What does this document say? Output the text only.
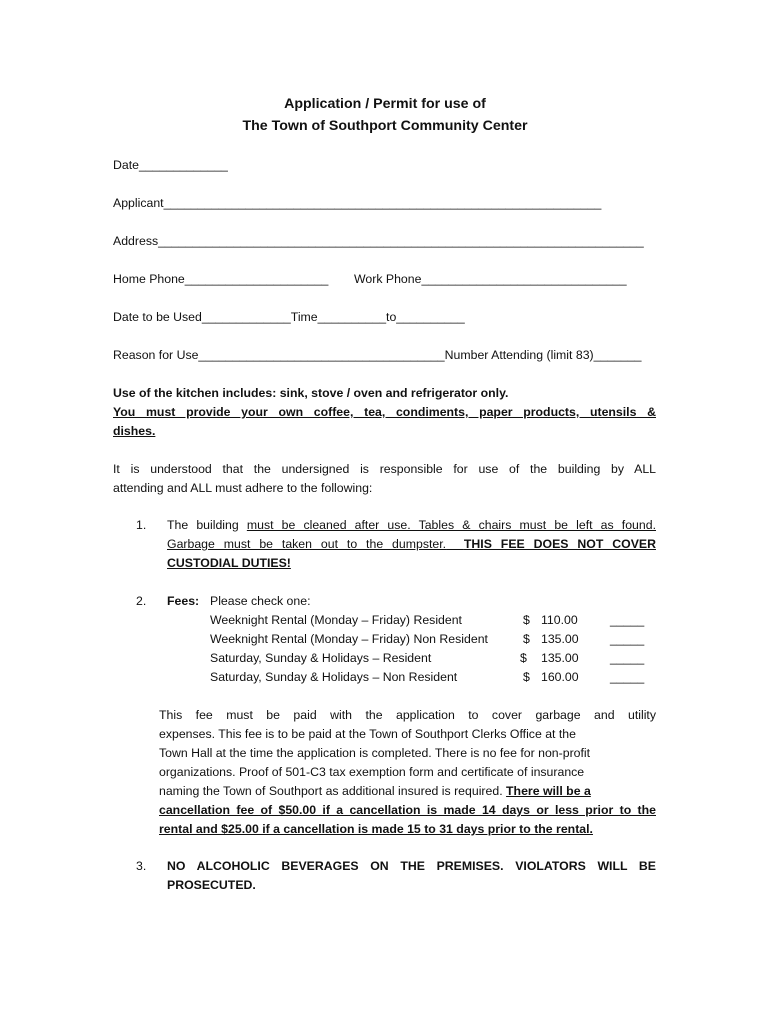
Application / Permit for use of
The Town of Southport Community Center
Date_____________
Applicant________________________________________________________________
Address_______________________________________________________________________
Home Phone_____________________ Work Phone______________________________
Date to be Used_____________Time__________to__________
Reason for Use____________________________________Number Attending (limit 83)_______
Use of the kitchen includes: sink, stove / oven and refrigerator only.
You must provide your own coffee, tea, condiments, paper products, utensils &
dishes.
It is understood that the undersigned is responsible for use of the building by ALL
attending and ALL must adhere to the following:
1. The building must be cleaned after use. Tables & chairs must be left as found.
Garbage must be taken out to the dumpster. THIS FEE DOES NOT COVER
CUSTODIAL DUTIES!
2. Fees: Please check one:
Weeknight Rental (Monday – Friday) Resident	$ 110.00	_____
Weeknight Rental (Monday – Friday) Non Resident	$ 135.00	_____
Saturday, Sunday & Holidays – Resident	$ 135.00	_____
Saturday, Sunday & Holidays – Non Resident	$ 160.00	_____
This fee must be paid with the application to cover garbage and utility
expenses. This fee is to be paid at the Town of Southport Clerks Office at the
Town Hall at the time the application is completed. There is no fee for non-profit
organizations. Proof of 501-C3 tax exemption form and certificate of insurance
naming the Town of Southport as additional insured is required. There will be a
cancellation fee of $50.00 if a cancellation is made 14 days or less prior to the
rental and $25.00 if a cancellation is made 15 to 31 days prior to the rental.
3. NO ALCOHOLIC BEVERAGES ON THE PREMISES. VIOLATORS WILL BE
PROSECUTED.
